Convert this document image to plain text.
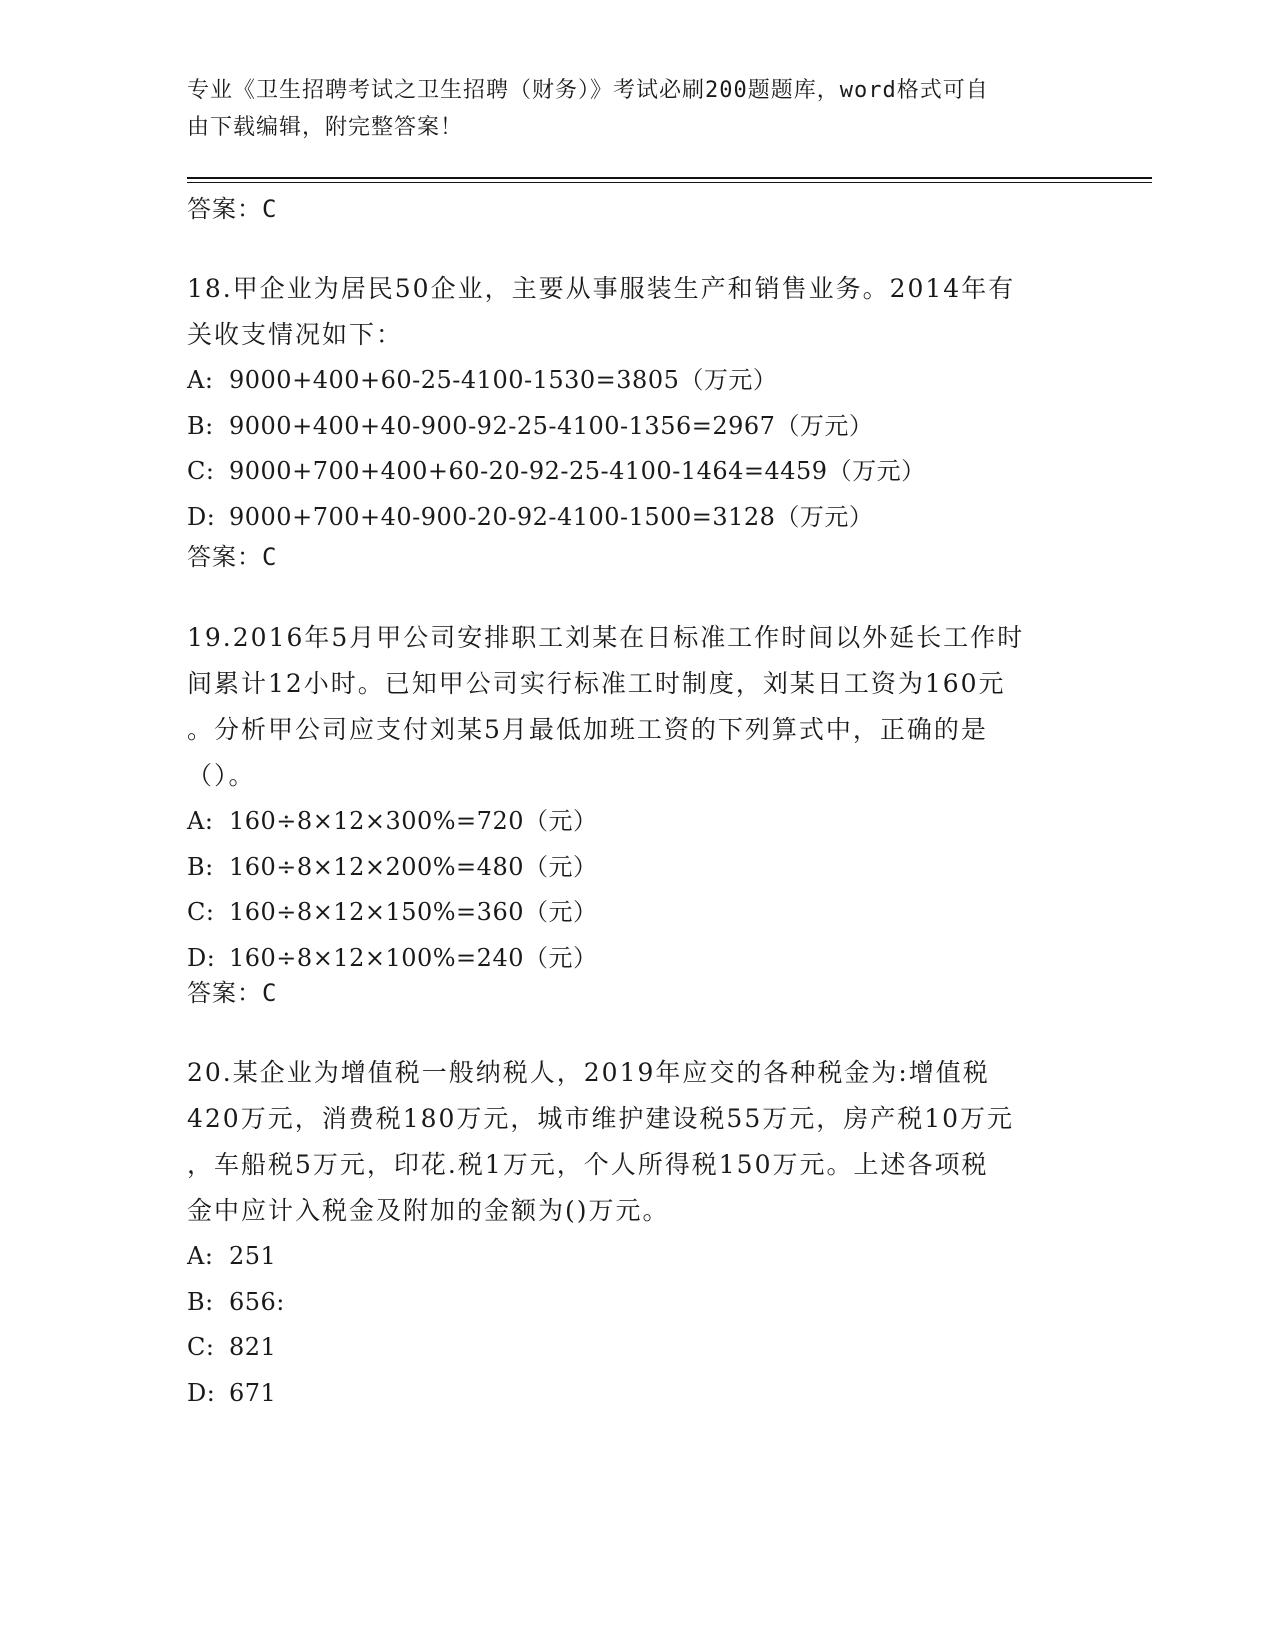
专业《卫生招聘考试之卫生招聘（财务）》考试必刷200题题库，word格式可自
由下载编辑，附完整答案！
答案：C
18.甲企业为居民50企业，主要从事服装生产和销售业务。2014年有
关收支情况如下：
A: 9000+400+60-25-4100-1530=3805（万元）
B: 9000+400+40-900-92-25-4100-1356=2967（万元）
C: 9000+700+400+60-20-92-25-4100-1464=4459（万元）
D: 9000+700+40-900-20-92-4100-1500=3128（万元）
答案：C
19.2016年5月甲公司安排职工刘某在日标准工作时间以外延长工作时
间累计12小时。已知甲公司实行标准工时制度，刘某日工资为160元
。分析甲公司应支付刘某5月最低加班工资的下列算式中，正确的是
（）。
A: 160÷8×12×300%=720（元）
B: 160÷8×12×200%=480（元）
C: 160÷8×12×150%=360（元）
D: 160÷8×12×100%=240（元）
答案：C
20.某企业为增值税一般纳税人，2019年应交的各种税金为:增值税
420万元，消费税180万元，城市维护建设税55万元，房产税10万元
，车船税5万元，印花.税1万元，个人所得税150万元。上述各项税
金中应计入税金及附加的金额为()万元。
A: 251
B: 656:
C: 821
D: 671
